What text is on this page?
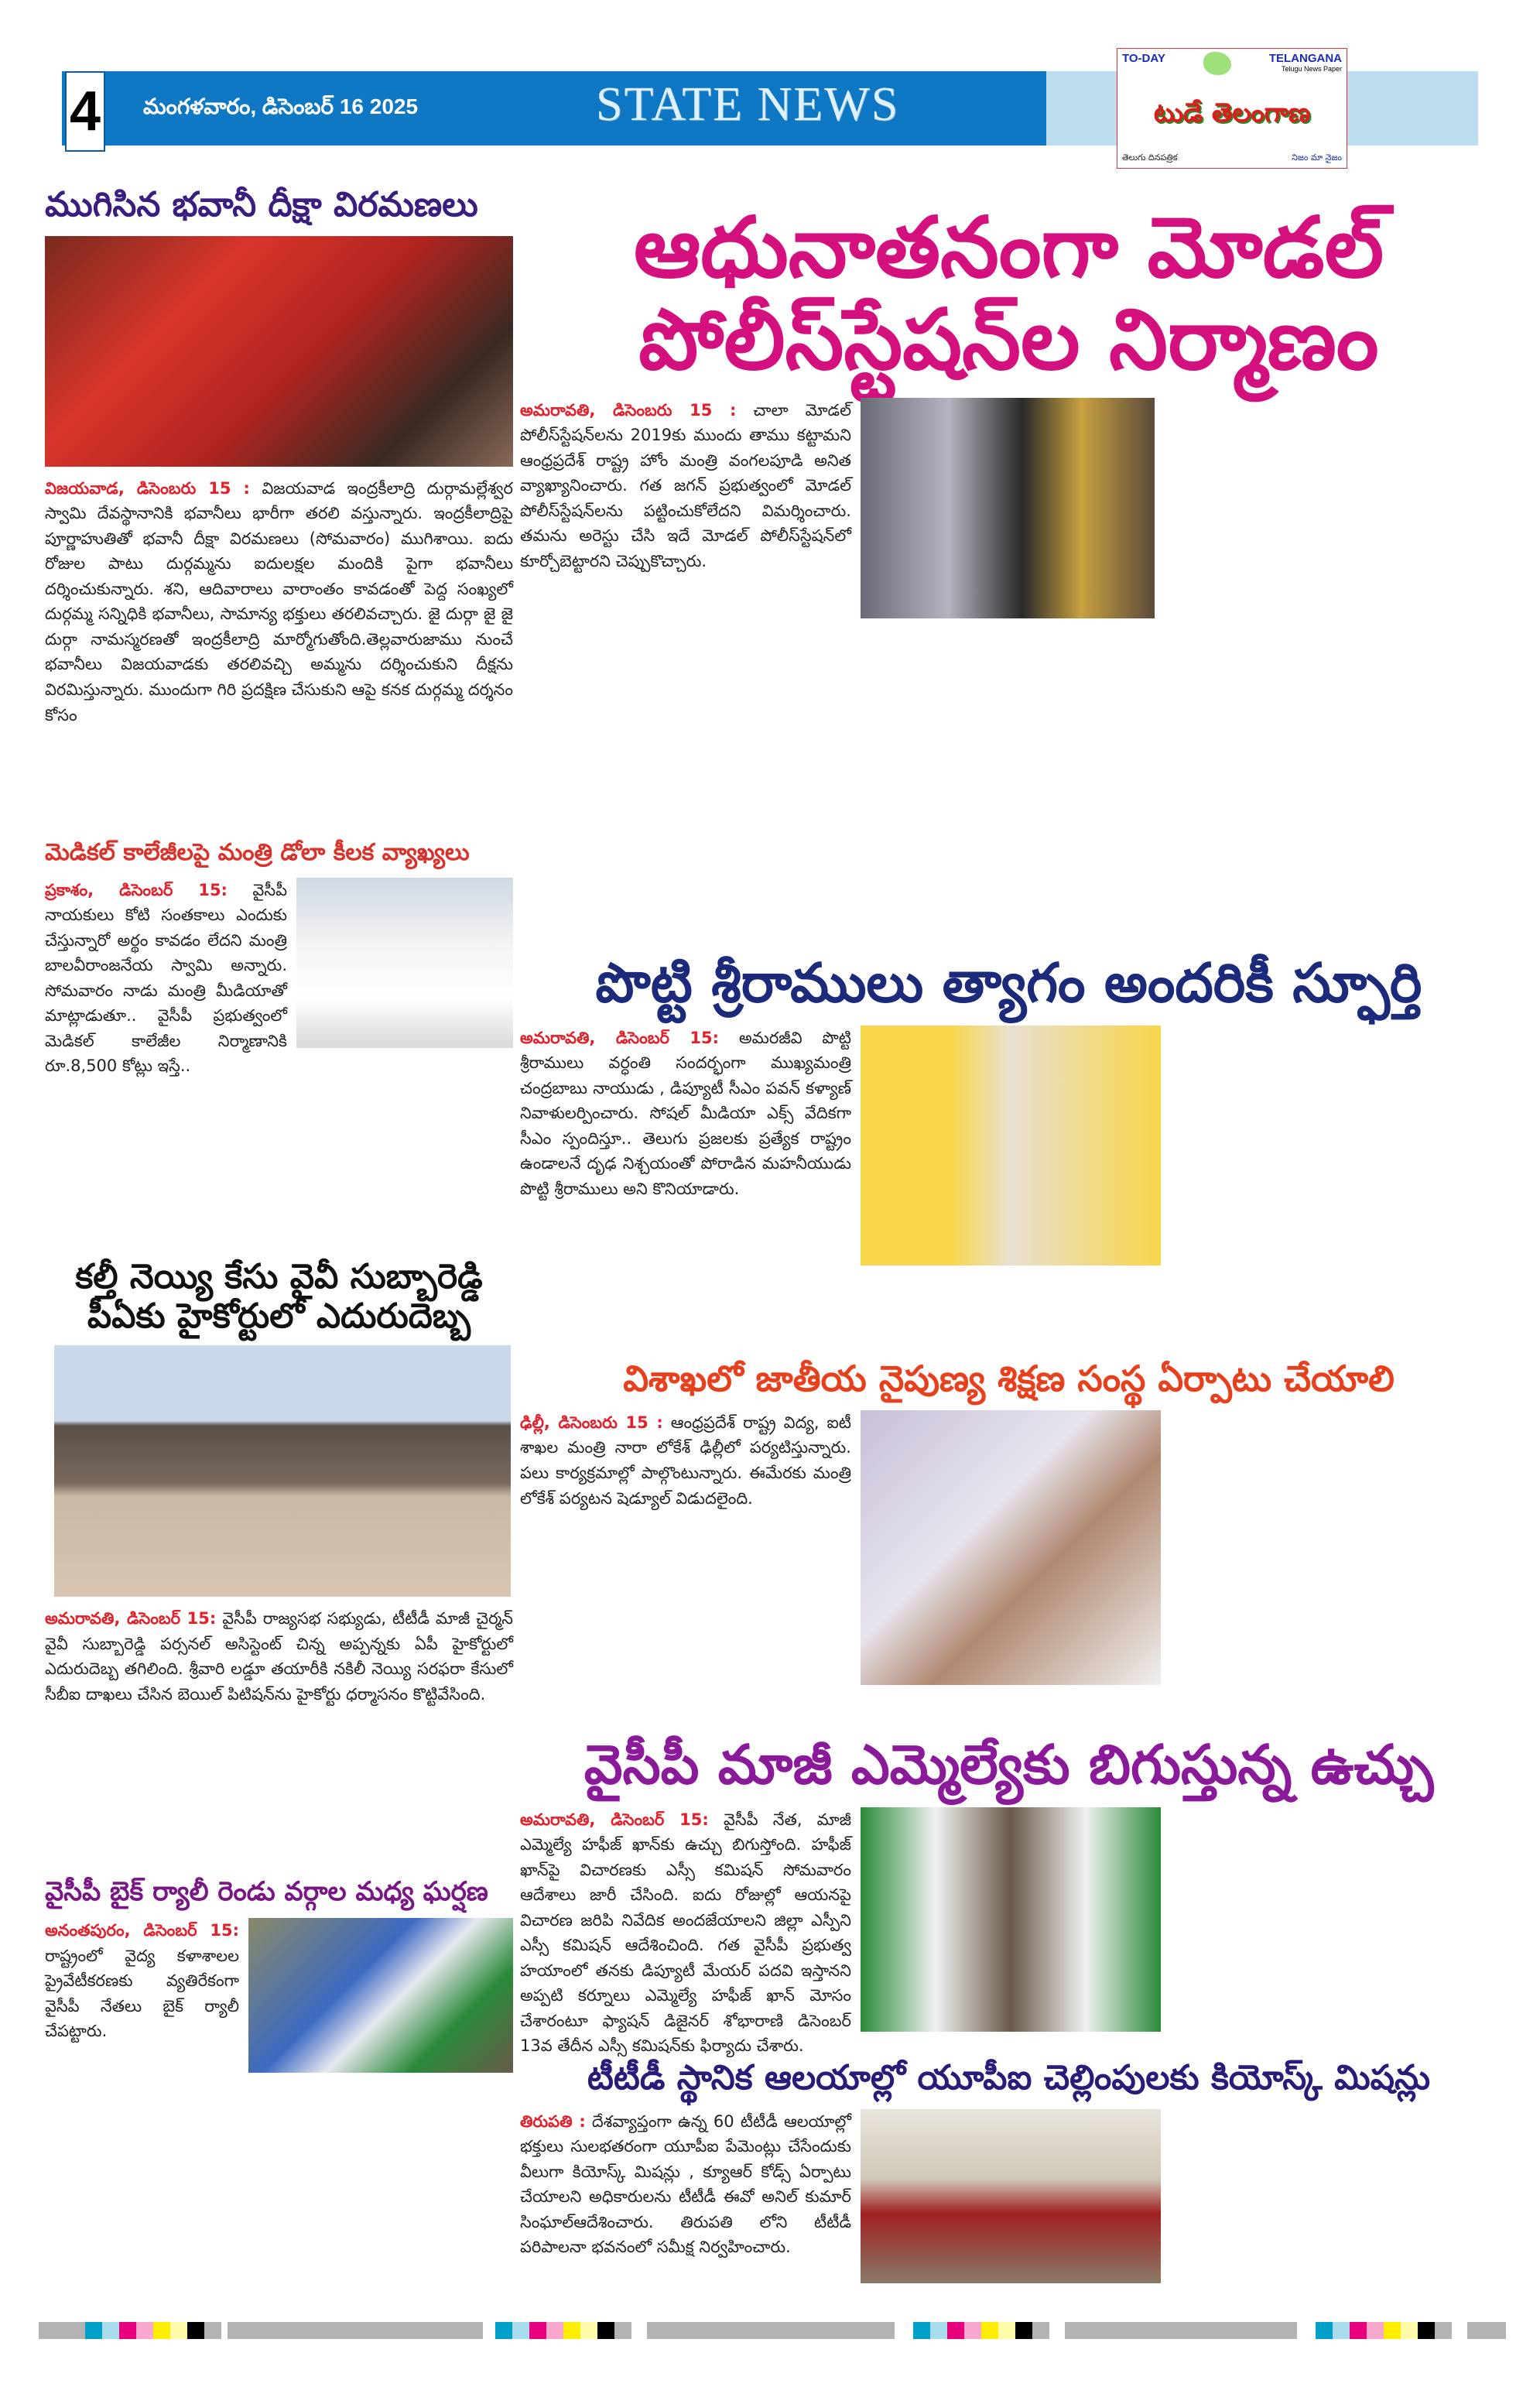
4 మంగళవారం, డిసెంబర్ 16 2025	STATE NEWS
TO-DAY	TELANGANA
Telugu News Paper
టుడే తెలంగాణ
తెలుగు దినపత్రిక	నిజం మా నైజం
ముగిసిన భవానీ దీక్షా విరమణలు

విజయవాడ, డిసెంబరు 15 : విజయవాడ ఇంద్రకీలాద్రి దుర్గామల్లేశ్వర స్వామి దేవస్థానానికి భవానీలు భారీగా తరలి వస్తున్నారు. ఇంద్రకీలాద్రిపై పూర్ణాహుతితో భవానీ దీక్షా విరమణలు (సోమవారం) ముగిశాయి. ఐదు రోజుల పాటు దుర్గమ్మను ఐదులక్షల మందికి పైగా భవానీలు దర్శించుకున్నారు. శని, ఆదివారాలు వారాంతం కావడంతో పెద్ద సంఖ్యలో దుర్గమ్మ సన్నిధికి భవానీలు, సామాన్య భక్తులు తరలివచ్చారు. జై దుర్గా జై జై దుర్గా నామస్మరణతో ఇంద్రకీలాద్రి మార్మోగుతోంది.తెల్లవారుజాము నుంచే భవానీలు విజయవాడకు తరలివచ్చి అమ్మను దర్శించుకుని దీక్షను విరమిస్తున్నారు. ముందుగా గిరి ప్రదక్షిణ చేసుకుని ఆపై కనక దుర్గమ్మ దర్శనం కోసం

మెడికల్ కాలేజీలపై మంత్రి డోలా కీలక వ్యాఖ్యలు

ప్రకాశం, డిసెంబర్ 15: వైసీపీ నాయకులు కోటి సంతకాలు ఎందుకు చేస్తున్నారో అర్థం కావడం లేదని మంత్రి బాలవీరాంజనేయ స్వామి అన్నారు. సోమవారం నాడు మంత్రి మీడియాతో మాట్లాడుతూ.. వైసీపీ ప్రభుత్వంలో మెడికల్ కాలేజీల నిర్మాణానికి రూ.8,500 కోట్లు ఇస్తే..

కల్తీ నెయ్యి కేసు వైవీ సుబ్బారెడ్డి
పీఏకు హైకోర్టులో ఎదురుదెబ్బ

అమరావతి, డిసెంబర్ 15: వైసీపీ రాజ్యసభ సభ్యుడు, టీటీడీ మాజీ చైర్మన్ వైవీ సుబ్బారెడ్డి పర్సనల్ అసిస్టెంట్ చిన్న అప్పన్నకు ఏపీ హైకోర్టులో ఎదురుదెబ్బ తగిలింది. శ్రీవారి లడ్డూ తయారీకి నకిలీ నెయ్యి సరఫరా కేసులో సీబీఐ దాఖలు చేసిన బెయిల్ పిటిషన్‌ను హైకోర్టు ధర్మాసనం కొట్టివేసింది.

వైసీపీ బైక్ ర్యాలీ రెండు వర్గాల మధ్య ఘర్షణ

అనంతపురం, డిసెంబర్ 15: రాష్ట్రంలో వైద్య కళాశాలల ప్రైవేటీకరణకు వ్యతిరేకంగా వైసీపీ నేతలు బైక్ ర్యాలీ చేపట్టారు.

ఆధునాతనంగా మోడల్
పోలీస్‌స్టేషన్‌ల నిర్మాణం

అమరావతి, డిసెంబరు 15 : చాలా మోడల్ పోలీస్‌స్టేషన్‌లను 2019కు ముందు తాము కట్టామని ఆంధ్రప్రదేశ్ రాష్ట్ర హోం మంత్రి వంగలపూడి అనిత వ్యాఖ్యానించారు. గత జగన్ ప్రభుత్వంలో మోడల్ పోలీస్‌స్టేషన్‌లను పట్టించుకోలేదని విమర్శించారు. తమను అరెస్టు చేసి ఇదే మోడల్ పోలీస్‌స్టేషన్‌లో కూర్చోబెట్టారని చెప్పుకొచ్చారు.

పొట్టి శ్రీరాములు త్యాగం అందరికీ స్ఫూర్తి

అమరావతి, డిసెంబర్ 15: అమరజీవి పొట్టి శ్రీరాములు వర్ధంతి సందర్భంగా ముఖ్యమంత్రి చంద్రబాబు నాయుడు , డిప్యూటీ సీఎం పవన్ కళ్యాణ్ నివాళులర్పించారు. సోషల్ మీడియా ఎక్స్ వేదికగా సీఎం స్పందిస్తూ.. తెలుగు ప్రజలకు ప్రత్యేక రాష్ట్రం ఉండాలనే దృఢ నిశ్చయంతో పోరాడిన మహనీయుడు పొట్టి శ్రీరాములు అని కొనియాడారు.

విశాఖలో జాతీయ నైపుణ్య శిక్షణ సంస్థ ఏర్పాటు చేయాలి

ఢిల్లీ, డిసెంబరు 15 : ఆంధ్రప్రదేశ్ రాష్ట్ర విద్య, ఐటీ శాఖల మంత్రి నారా లోకేశ్ ఢిల్లీలో పర్యటిస్తున్నారు. పలు కార్యక్రమాల్లో పాల్గొంటున్నారు. ఈమేరకు మంత్రి లోకేశ్ పర్యటన షెడ్యూల్ విడుదలైంది.

వైసీపీ మాజీ ఎమ్మెల్యేకు బిగుస్తున్న ఉచ్చు

అమరావతి, డిసెంబర్ 15: వైసీపీ నేత, మాజీ ఎమ్మెల్యే హఫీజ్ ఖాన్‌కు ఉచ్చు బిగుస్తోంది. హఫీజ్ ఖాన్‌పై విచారణకు ఎస్సీ కమిషన్ సోమవారం ఆదేశాలు జారీ చేసింది. ఐదు రోజుల్లో ఆయనపై విచారణ జరిపి నివేదిక అందజేయాలని జిల్లా ఎస్పీని ఎస్సీ కమిషన్ ఆదేశించింది. గత వైసీపీ ప్రభుత్వ హయాంలో తనకు డిప్యూటీ మేయర్ పదవి ఇస్తానని అప్పటి కర్నూలు ఎమ్మెల్యే హఫీజ్ ఖాన్ మోసం చేశారంటూ ఫ్యాషన్ డిజైనర్ శోభారాణి డిసెంబర్ 13వ తేదీన ఎస్సీ కమిషన్‌కు ఫిర్యాదు చేశారు.

టీటీడీ స్థానిక ఆలయాల్లో యూపీఐ చెల్లింపులకు కియోస్క్ మిషన్లు

తిరుపతి : దేశవ్యాప్తంగా ఉన్న 60 టీటీడీ ఆలయాల్లో భక్తులు సులభతరంగా యూపీఐ పేమెంట్లు చేసేందుకు వీలుగా కియోస్క్ మిషన్లు , క్యూఆర్ కోడ్స్ ఏర్పాటు చేయాలని అధికారులను టీటీడీ ఈవో అనిల్ కుమార్ సింఘాల్ఆదేశించారు. తిరుపతి లోని టీటీడీ పరిపాలనా భవనంలో సమీక్ష నిర్వహించారు.
